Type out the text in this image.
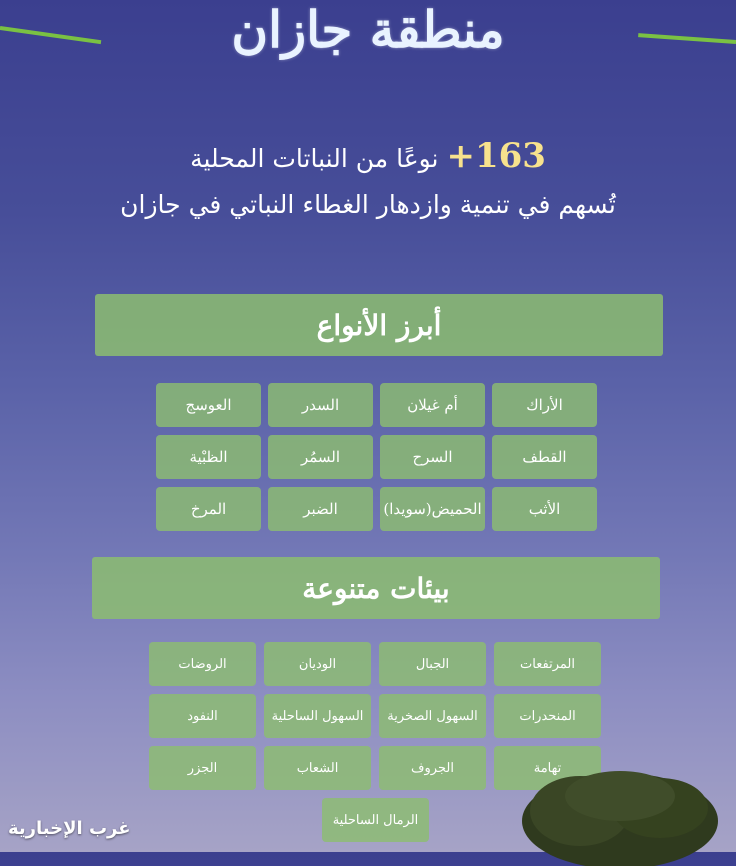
منطقة جازان
163+ نوعًا من النباتات المحلية
تُسهم في تنمية وازدهار الغطاء النباتي في جازان
أبرز الأنواع
الأراك
أم غيلان
السدر
العوسج
القطف
السرح
السمُر
الظبْية
الأثب
الحميض(سويدا)
الضبر
المرخ
بيئات متنوعة
المرتفعات
الجبال
الوديان
الروضات
المنحدرات
السهول الصخرية
السهول الساحلية
النفود
تهامة
الجروف
الشعاب
الجزر
الرمال الساحلية
غرب الإخبارية
